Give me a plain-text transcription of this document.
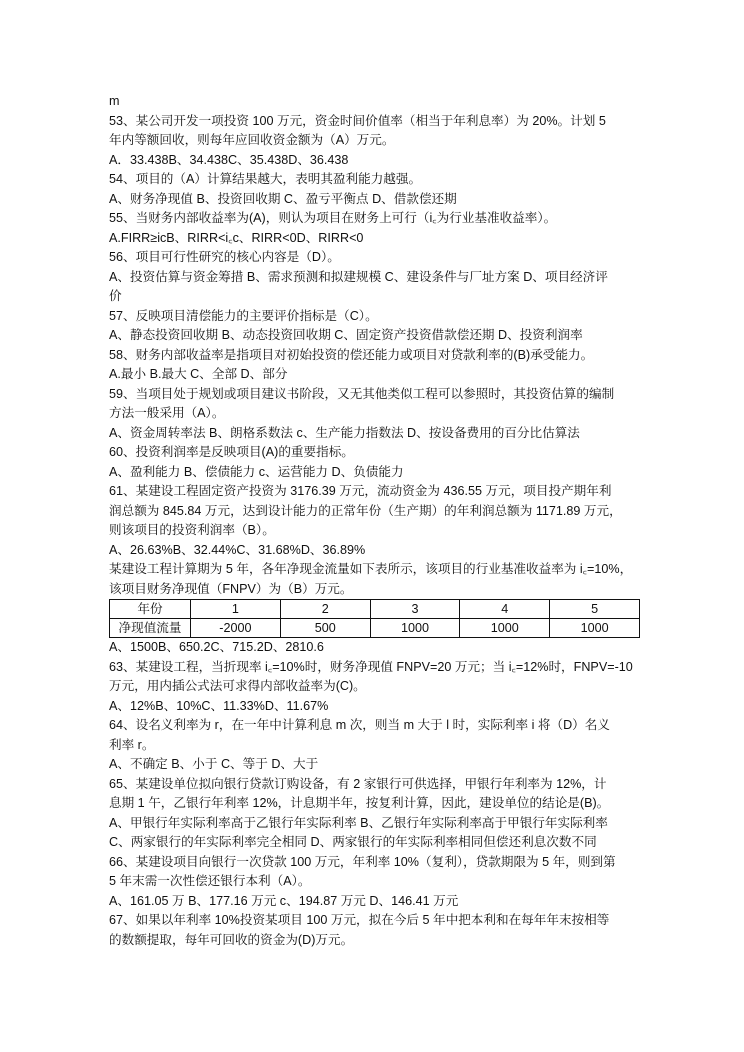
m
53、某公司开发一项投资 100 万元，资金时间价值率（相当于年利息率）为 20%。计划 5
年内等额回收，则每年应回收资金额为（A）万元。
A．33.438B、34.438C、35.438D、36.438
54、项目的（A）计算结果越大，表明其盈利能力越强。
A、财务净现值 B、投资回收期 C、盈亏平衡点 D、借款偿还期
55、当财务内部收益率为(A)，则认为项目在财务上可行（i꜀为行业基准收益率）。
A.FIRR≥icB、RIRR<i꜀c、RIRR<0D、RIRR<0
56、项目可行性研究的核心内容是（D）。
A、投资估算与资金筹措 B、需求预测和拟建规模 C、建设条件与厂址方案 D、项目经济评
价
57、反映项目清偿能力的主要评价指标是（C）。
A、静态投资回收期 B、动态投资回收期 C、固定资产投资借款偿还期 D、投资利润率
58、财务内部收益率是指项目对初始投资的偿还能力或项目对贷款利率的(B)承受能力。
A.最小 B.最大 C、全部 D、部分
59、当项目处于规划或项目建议书阶段，又无其他类似工程可以参照时，其投资估算的编制
方法一般采用（A）。
A、资金周转率法 B、朗格系数法 c、生产能力指数法 D、按设备费用的百分比估算法
60、投资利润率是反映项目(A)的重要指标。
A、盈利能力 B、偿债能力 c、运营能力 D、负债能力
61、某建设工程固定资产投资为 3176.39 万元，流动资金为 436.55 万元，项目投产期年利
润总额为 845.84 万元，达到设计能力的正常年份（生产期）的年利润总额为 1171.89 万元，
则该项目的投资利润率（B）。
A、26.63%B、32.44%C、31.68%D、36.89%
某建设工程计算期为 5 年，各年净现金流量如下表所示，该项目的行业基准收益率为 i꜀=10%，
该项目财务净现值（FNPV）为（B）万元。
年份	1	2	3	4	5
净现值流量	-2000	500	1000	1000	1000
A、1500B、650.2C、715.2D、2810.6
63、某建设工程，当折现率 i꜀=10%时，财务净现值 FNPV=20 万元；当 i꜀=12%时，FNPV=-10
万元，用内插公式法可求得内部收益率为(C)。
A、12%B、10%C、11.33%D、11.67%
64、设名义利率为 r，在一年中计算利息 m 次，则当 m 大于 l 时，实际利率 i 将（D）名义
利率 r。
A、不确定 B、小于 C、等于 D、大于
65、某建设单位拟向银行贷款订购设备，有 2 家银行可供选择，甲银行年利率为 12%，计
息期 1 午，乙银行年利率 12%，计息期半年，按复利计算，因此，建设单位的结论是(B)。
A、甲银行年实际利率高于乙银行年实际利率 B、乙银行年实际利率高于甲银行年实际利率
C、两家银行的年实际利率完全相同 D、两家银行的年实际利率相同但偿还利息次数不同
66、某建设项目向银行一次贷款 100 万元，年利率 10%（复利），贷款期限为 5 年，则到第
5 年末需一次性偿还银行本利（A）。
A、161.05 万 B、177.16 万元 c、194.87 万元 D、146.41 万元
67、如果以年利率 10%投资某项目 100 万元，拟在今后 5 年中把本利和在每年年末按相等
的数额提取，每年可回收的资金为(D)万元。
